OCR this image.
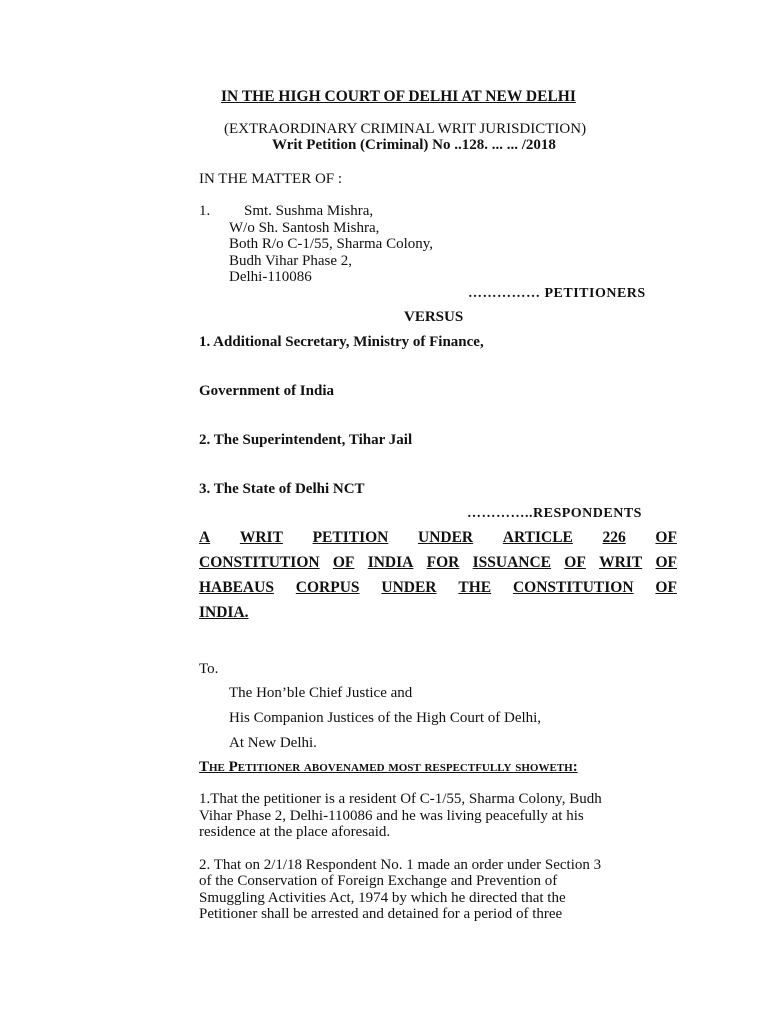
IN THE HIGH COURT OF DELHI AT NEW DELHI
(EXTRAORDINARY CRIMINAL WRIT JURISDICTION)
Writ Petition (Criminal) No ..128. ... ... /2018
IN THE MATTER OF :
1. Smt. Sushma Mishra,
W/o Sh. Santosh Mishra,
Both R/o C-1/55, Sharma Colony,
Budh Vihar Phase 2,
Delhi-110086
…………… PETITIONERS
VERSUS
1. Additional Secretary, Ministry of Finance,
Government of India
2. The Superintendent, Tihar Jail
3. The State of Delhi NCT
…………..RESPONDENTS
A WRIT PETITION UNDER ARTICLE 226 OF
CONSTITUTION OF INDIA FOR ISSUANCE OF WRIT OF
HABEAUS CORPUS UNDER THE CONSTITUTION OF
INDIA.
To.
The Hon’ble Chief Justice and
His Companion Justices of the High Court of Delhi,
At New Delhi.
The Petitioner abovenamed most respectfully showeth:
1.That the petitioner is a resident Of C-1/55, Sharma Colony, Budh
Vihar Phase 2, Delhi-110086 and he was living peacefully at his
residence at the place aforesaid.
2. That on 2/1/18 Respondent No. 1 made an order under Section 3
of the Conservation of Foreign Exchange and Prevention of
Smuggling Activities Act, 1974 by which he directed that the
Petitioner shall be arrested and detained for a period of three
